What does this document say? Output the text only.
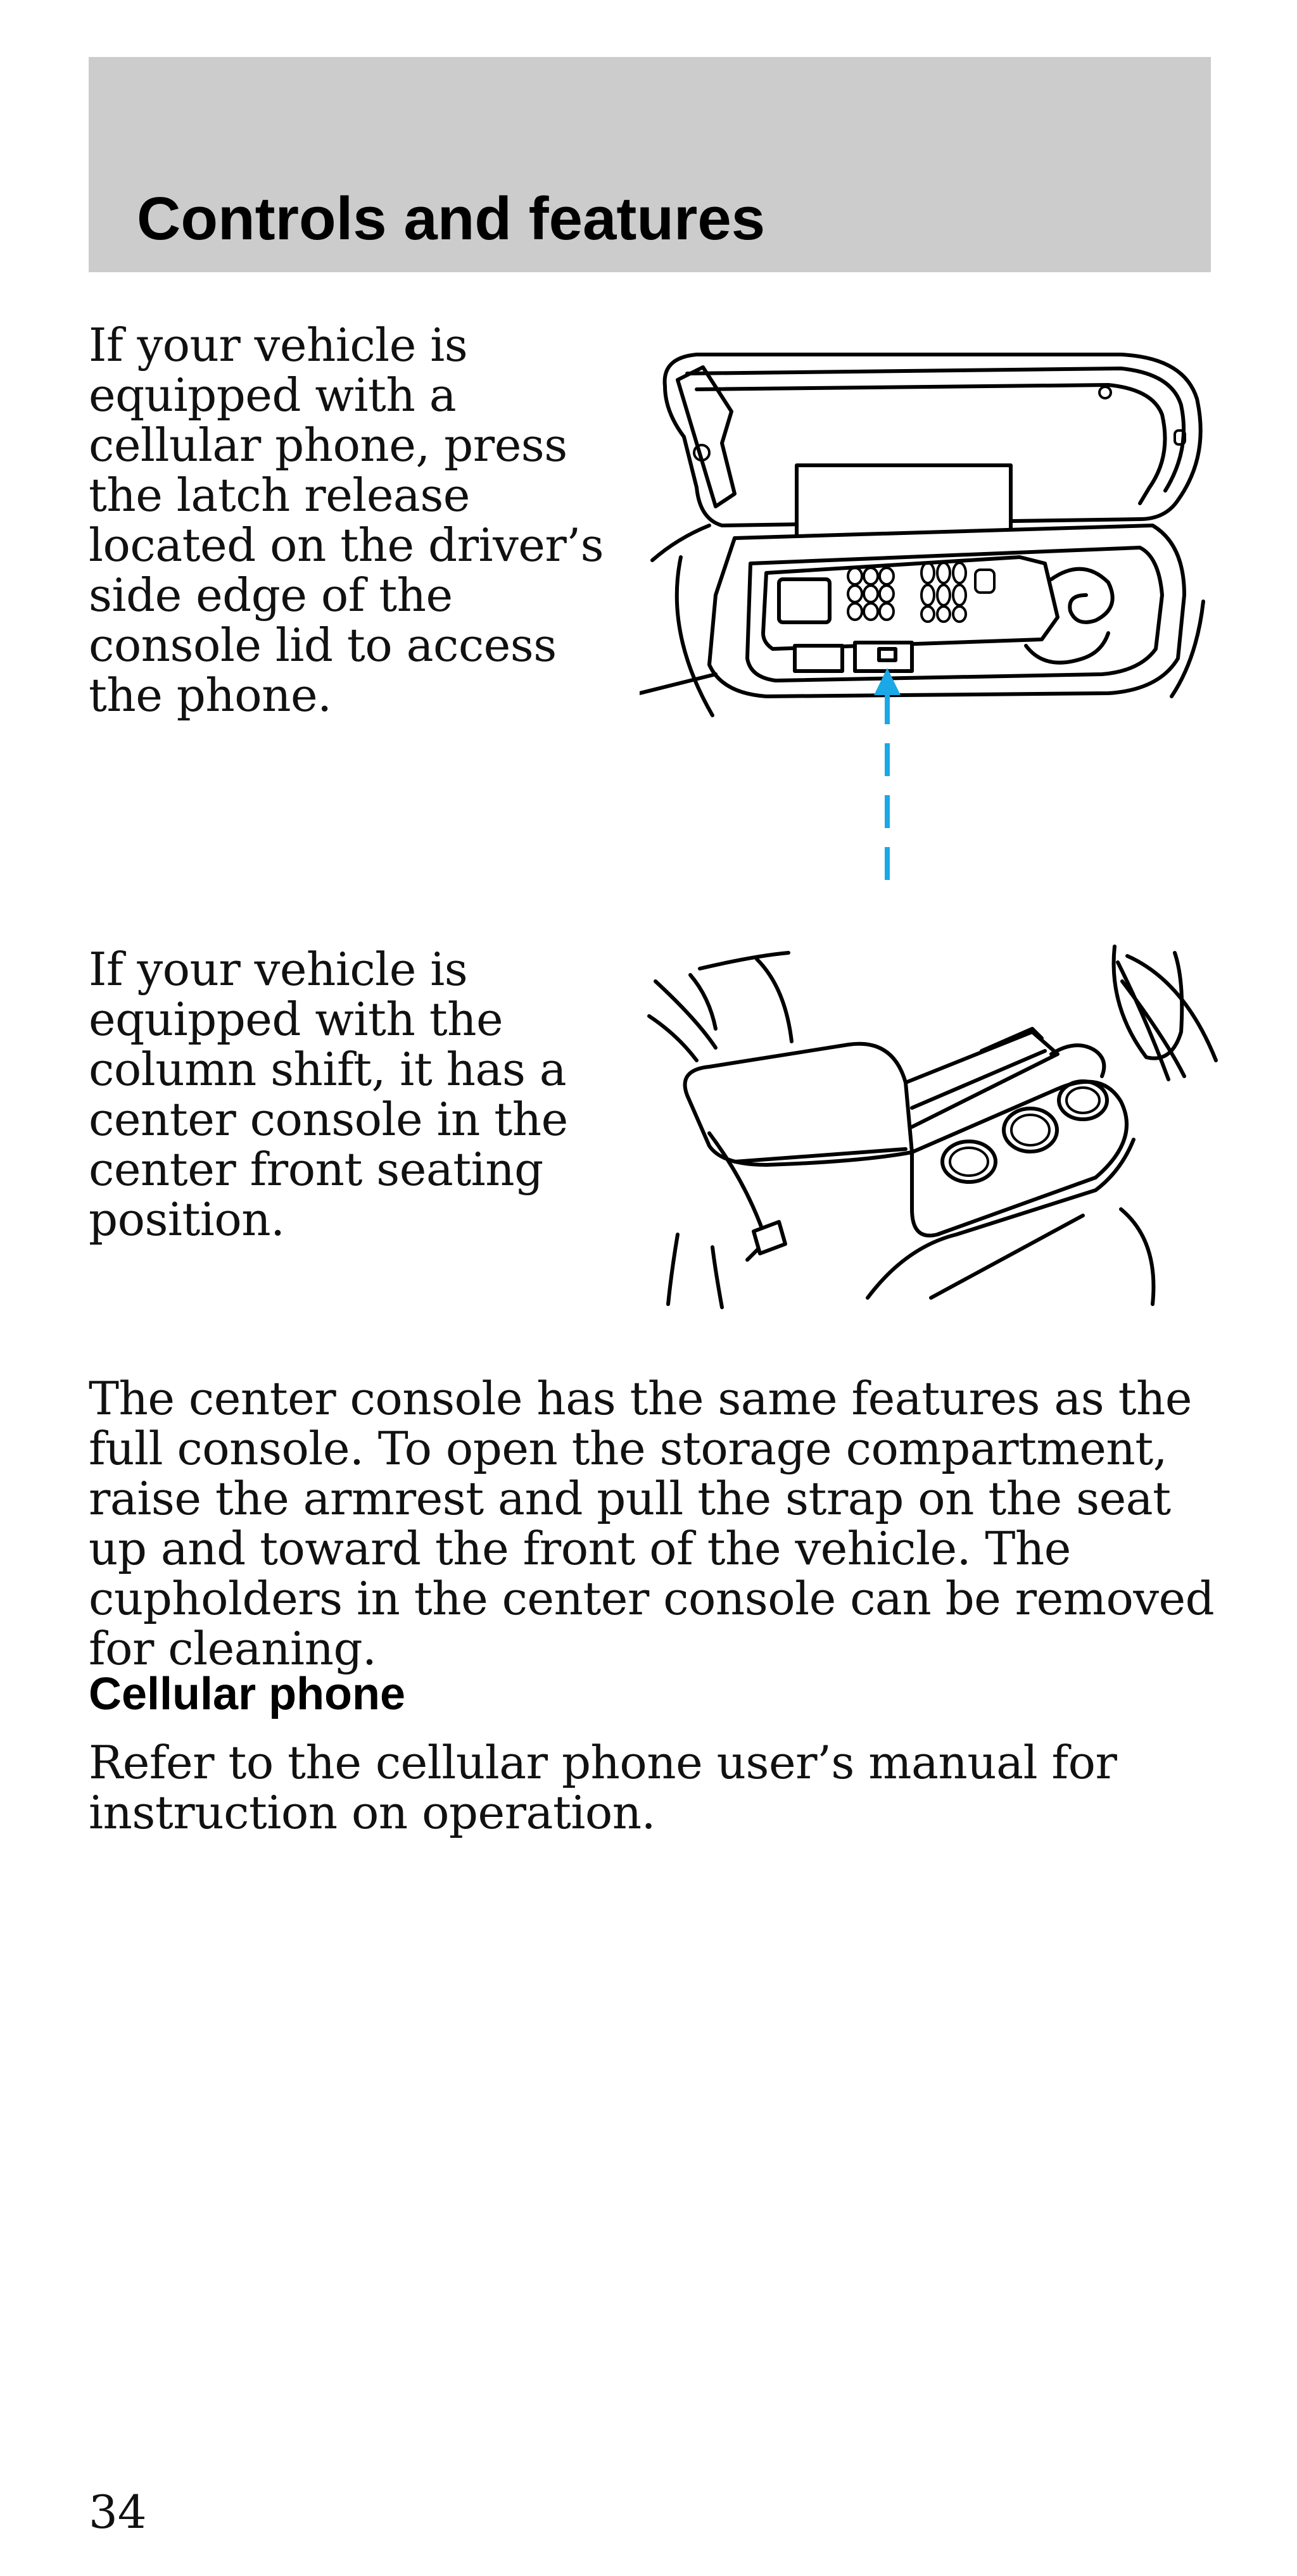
Controls and features

If your vehicle is equipped with a cellular phone, press the latch release located on the driver’s side edge of the console lid to access the phone.

If your vehicle is equipped with the column shift, it has a center console in the center front seating position.

The center console has the same features as the full console. To open the storage compartment, raise the armrest and pull the strap on the seat up and toward the front of the vehicle. The cupholders in the center console can be removed for cleaning.

Cellular phone

Refer to the cellular phone user’s manual for instruction on operation.

34
